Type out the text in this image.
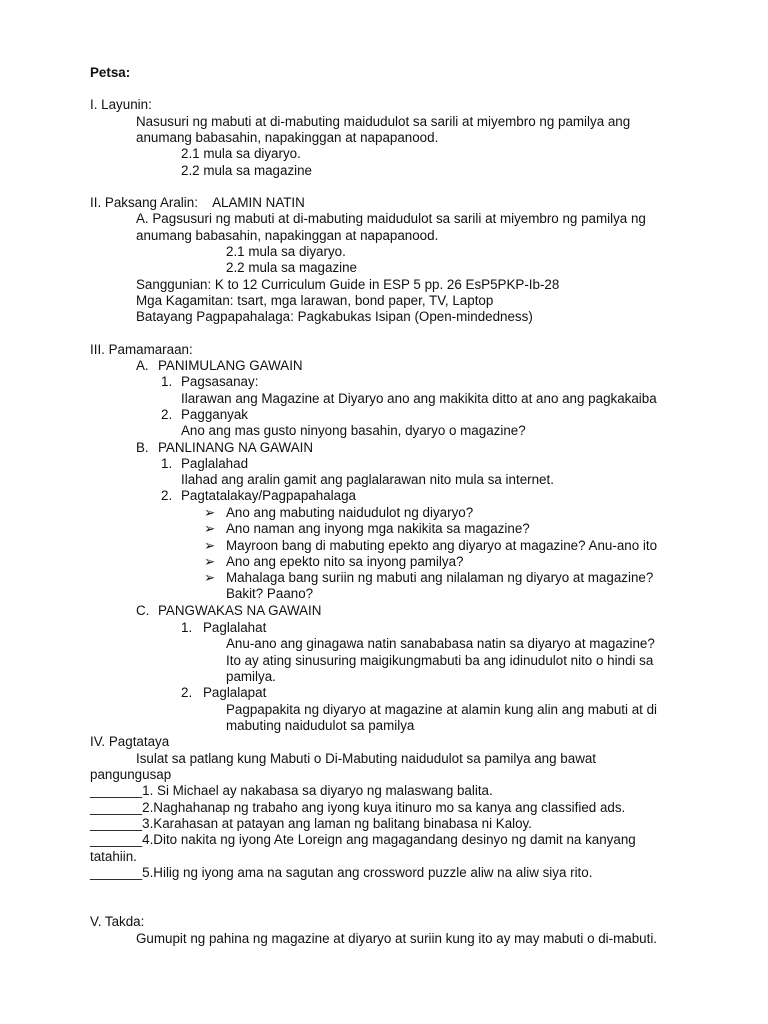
Petsa:
I. Layunin:
Nasusuri ng mabuti at di-mabuting maidudulot sa sarili at miyembro ng pamilya ang
anumang babasahin, napakinggan at napapanood.
2.1 mula sa diyaryo.
2.2 mula sa magazine
II. Paksang Aralin:    ALAMIN NATIN
A. Pagsusuri ng mabuti at di-mabuting maidudulot sa sarili at miyembro ng pamilya ng
anumang babasahin, napakinggan at napapanood.
2.1 mula sa diyaryo.
2.2 mula sa magazine
Sanggunian: K to 12 Curriculum Guide in ESP 5 pp. 26 EsP5PKP-Ib-28
Mga Kagamitan: tsart, mga larawan, bond paper, TV, Laptop
Batayang Pagpapahalaga: Pagkabukas Isipan (Open-mindedness)
III. Pamamaraan:
A. PANIMULANG GAWAIN
1. Pagsasanay:
Ilarawan ang Magazine at Diyaryo ano ang makikita ditto at ano ang pagkakaiba
2. Pagganyak
Ano ang mas gusto ninyong basahin, dyaryo o magazine?
B. PANLINANG NA GAWAIN
1. Paglalahad
Ilahad ang aralin gamit ang paglalarawan nito mula sa internet.
2. Pagtatalakay/Pagpapahalaga
➢ Ano ang mabuting naidudulot ng diyaryo?
➢ Ano naman ang inyong mga nakikita sa magazine?
➢ Mayroon bang di mabuting epekto ang diyaryo at magazine? Anu-ano ito
➢ Ano ang epekto nito sa inyong pamilya?
➢ Mahalaga bang suriin ng mabuti ang nilalaman ng diyaryo at magazine?
Bakit? Paano?
C. PANGWAKAS NA GAWAIN
1. Paglalahat
Anu-ano ang ginagawa natin sanababasa natin sa diyaryo at magazine?
Ito ay ating sinusuring maigikungmabuti ba ang idinudulot nito o hindi sa
pamilya.
2. Paglalapat
Pagpapakita ng diyaryo at magazine at alamin kung alin ang mabuti at di
mabuting naidudulot sa pamilya
IV. Pagtataya
Isulat sa patlang kung Mabuti o Di-Mabuting naidudulot sa pamilya ang bawat
pangungusap
_______1. Si Michael ay nakabasa sa diyaryo ng malaswang balita.
_______2.Naghahanap ng trabaho ang iyong kuya itinuro mo sa kanya ang classified ads.
_______3.Karahasan at patayan ang laman ng balitang binabasa ni Kaloy.
_______4.Dito nakita ng iyong Ate Loreign ang magagandang desinyo ng damit na kanyang
tatahiin.
_______5.Hilig ng iyong ama na sagutan ang crossword puzzle aliw na aliw siya rito.
V. Takda:
Gumupit ng pahina ng magazine at diyaryo at suriin kung ito ay may mabuti o di-mabuti.
